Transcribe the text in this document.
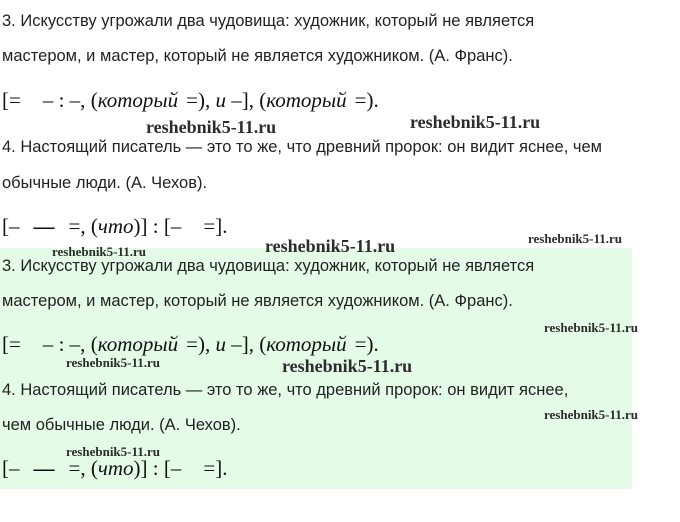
3. Искусству угрожали два чудовища: художник, который не является
мастером, и мастер, который не является художником. (А. Франс).
[= – : –, (который =), и –], (который =).
4. Настоящий писатель — это то же, что древний пророк: он видит яснее, чем
обычные люди. (А. Чехов).
[– — =, (что)] : [– =].
3. Искусству угрожали два чудовища: художник, который не является
мастером, и мастер, который не является художником. (А. Франс).
[= – : –, (который =), и –], (который =).
4. Настоящий писатель — это то же, что древний пророк: он видит яснее,
чем обычные люди. (А. Чехов).
[– — =, (что)] : [– =].
reshebnik5-11.ru	reshebnik5-11.ru
reshebnik5-11.ru
reshebnik5-11.ru
reshebnik5-11.ru
reshebnik5-11.ru
reshebnik5-11.ru	reshebnik5-11.ru
reshebnik5-11.ru
reshebnik5-11.ru
